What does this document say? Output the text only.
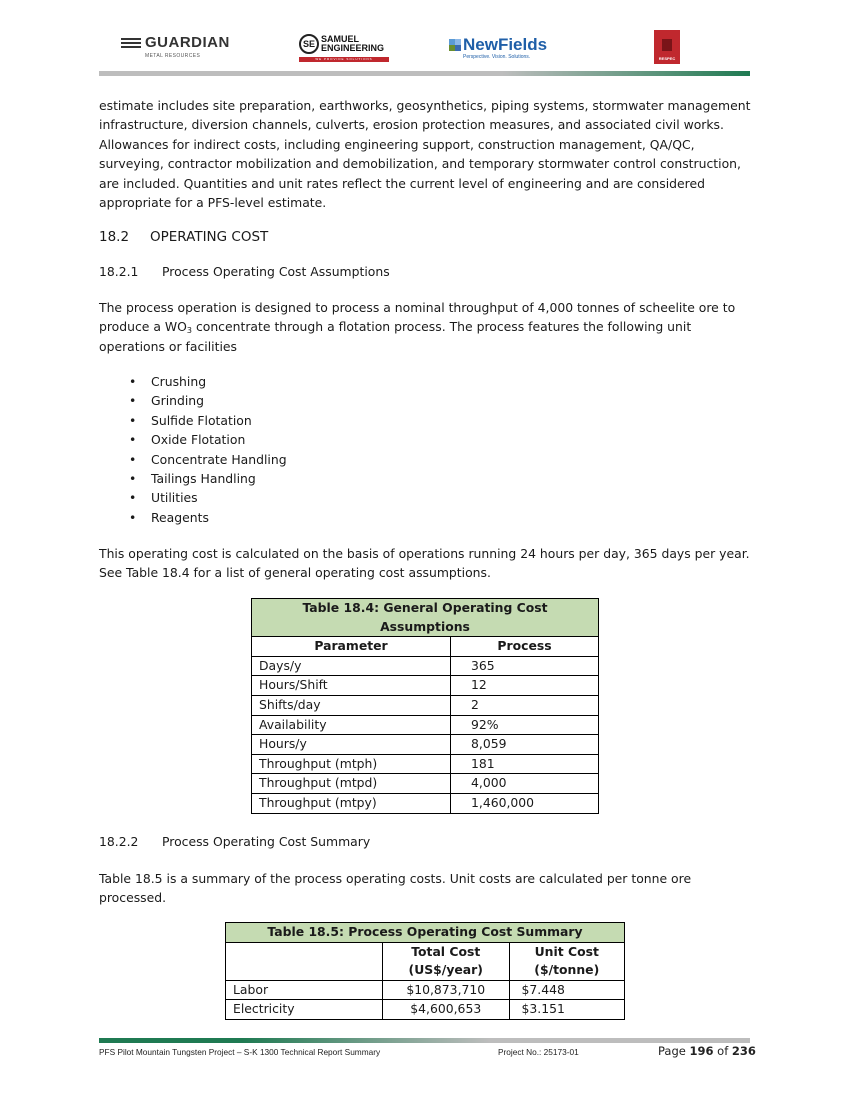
GUARDIAN
METAL RESOURCES
SE SAMUEL
ENGINEERING
WE PROVIDE SOLUTIONS
NewFields
Perspective. Vision. Solutions.	RESPEC

estimate includes site preparation, earthworks, geosynthetics, piping systems, stormwater management infrastructure, diversion channels, culverts, erosion protection measures, and associated civil works. Allowances for indirect costs, including engineering support, construction management, QA/QC, surveying, contractor mobilization and demobilization, and temporary stormwater control construction, are included. Quantities and unit rates reflect the current level of engineering and are considered appropriate for a PFS-level estimate.

18.2 OPERATING COST
18.2.1 Process Operating Cost Assumptions
The process operation is designed to process a nominal throughput of 4,000 tonnes of scheelite ore to produce a $WO_3$ concentrate through a flotation process. The process features the following unit operations or facilities
• Crushing
• Grinding
• Sulfide Flotation
• Oxide Flotation
• Concentrate Handling
• Tailings Handling
• Utilities
• Reagents
This operating cost is calculated on the basis of operations running 24 hours per day, 365 days per year. See Table 18.4 for a list of general operating cost assumptions.
Table 18.4: General Operating Cost Assumptions	
Parameter	Process
Days/y	365
Hours/Shift	12
Shifts/day	2
Availability	92%
Hours/y	8,059
Throughput (mtph)	181
Throughput (mtpd)	4,000
Throughput (mtpy)	1,460,000
18.2.2 Process Operating Cost Summary
Table 18.5 is a summary of the process operating costs. Unit costs are calculated per tonne ore processed.
Table 18.5: Process Operating Cost Summary		
	Total Cost (US$/year)	Unit Cost ($/tonne)
Labor	$10,873,710	$7.448
Electricity	$4,600,653	$3.151
PFS Pilot Mountain Tungsten Project – S-K 1300 Technical Report Summary	Project No.: 25173-01	Page 196 of 236
